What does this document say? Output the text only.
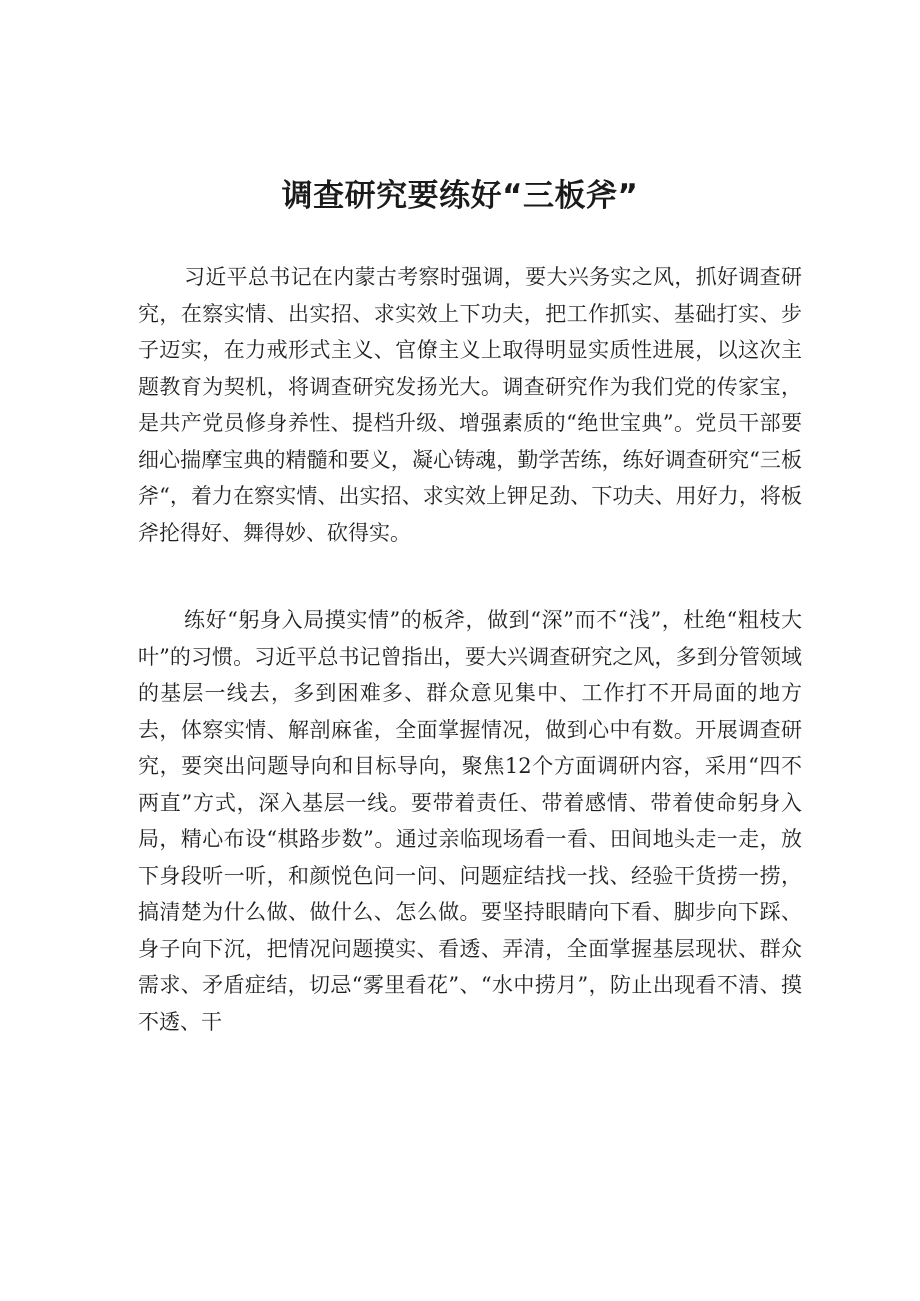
调查研究要练好“三板斧”

习近平总书记在内蒙古考察时强调，要大兴务实之风，抓好调查研究，在察实情、出实招、求实效上下功夫，把工作抓实、基础打实、步子迈实，在力戒形式主义、官僚主义上取得明显实质性进展，以这次主题教育为契机，将调查研究发扬光大。调查研究作为我们党的传家宝，是共产党员修身养性、提档升级、增强素质的“绝世宝典”。党员干部要细心揣摩宝典的精髓和要义，凝心铸魂，勤学苦练，练好调查研究“三板斧“，着力在察实情、出实招、求实效上钾足劲、下功夫、用好力，将板斧抡得好、舞得妙、砍得实。

练好“躬身入局摸实情”的板斧，做到“深”而不“浅”，杜绝“粗枝大叶”的习惯。习近平总书记曾指出，要大兴调查研究之风，多到分管领域的基层一线去，多到困难多、群众意见集中、工作打不开局面的地方去，体察实情、解剖麻雀，全面掌握情况，做到心中有数。开展调查研究，要突出问题导向和目标导向，聚焦12个方面调研内容，采用“四不两直”方式，深入基层一线。要带着责任、带着感情、带着使命躬身入局，精心布设“棋路步数”。通过亲临现场看一看、田间地头走一走，放下身段听一听，和颜悦色问一问、问题症结找一找、经验干货捞一捞，搞清楚为什么做、做什么、怎么做。要坚持眼睛向下看、脚步向下踩、身子向下沉，把情况问题摸实、看透、弄清，全面掌握基层现状、群众需求、矛盾症结，切忌“雾里看花”、“水中捞月”，防止出现看不清、摸不透、干
